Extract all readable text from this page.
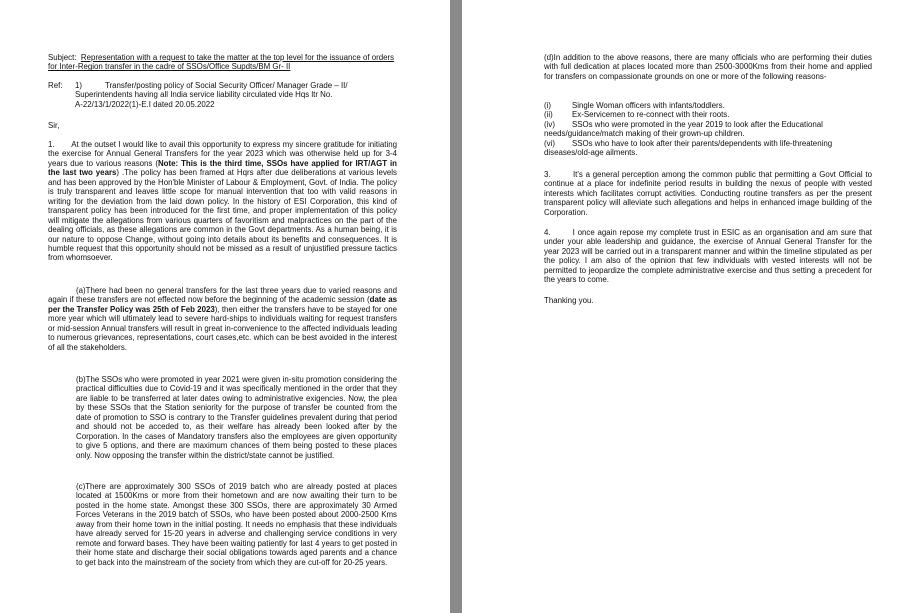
Subject: Representation with a request to take the matter at the top level for the issuance of orders for Inter-Region transfer in the cadre of SSOs/Office Supdts/BM Gr- II
Ref:	1)	Transfer/posting policy of Social Security Officer/ Manager Grade – II/
Superintendents having all India service liability circulated vide Hqs ltr No.
A-22/13/1/2022(1)-E.I dated 20.05.2022
Sir,
1. At the outset I would like to avail this opportunity to express my sincere gratitude for initiating the exercise for Annual General Transfers for the year 2023 which was otherwise held up for 3-4 years due to various reasons (Note: This is the third time, SSOs have applied for IRT/AGT in the last two years) .The policy has been framed at Hqrs after due deliberations at various levels and has been approved by the Hon'ble Minister of Labour & Employment, Govt. of India. The policy is truly transparent and leaves little scope for manual intervention that too with valid reasons in writing for the deviation from the laid down policy. In the history of ESI Corporation, this kind of transparent policy has been introduced for the first time, and proper implementation of this policy will mitigate the allegations from various quarters of favoritism and malpractices on the part of the dealing officials, as these allegations are common in the Govt departments. As a human being, it is our nature to oppose Change, without going into details about its benefits and consequences. It is humble request that this opportunity should not be missed as a result of unjustified pressure tactics from whomsoever.
(a)There had been no general transfers for the last three years due to varied reasons and again if these transfers are not effected now before the beginning of the academic session (date as per the Transfer Policy was 25th of Feb 2023), then either the transfers have to be stayed for one more year which will ultimately lead to severe hard-ships to individuals waiting for request transfers or mid-session Annual transfers will result in great in-convenience to the affected individuals leading to numerous grievances, representations, court cases,etc. which can be best avoided in the interest of all the stakeholders.
(b)The SSOs who were promoted in year 2021 were given in-situ promotion considering the practical difficulties due to Covid-19 and it was specifically mentioned in the order that they are liable to be transferred at later dates owing to administrative exigencies. Now, the plea by these SSOs that the Station seniority for the purpose of transfer be counted from the date of promotion to SSO is contrary to the Transfer guidelines prevalent during that period and should not be acceded to, as their welfare has already been looked after by the Corporation. In the cases of Mandatory transfers also the employees are given opportunity to give 5 options, and there are maximum chances of them being posted to these places only. Now opposing the transfer within the district/state cannot be justified.
(c)There are approximately 300 SSOs of 2019 batch who are already posted at places located at 1500Kms or more from their hometown and are now awaiting their turn to be posted in the home state. Amongst these 300 SSOs, there are approximately 30 Armed Forces Veterans in the 2019 batch of SSOs, who have been posted about 2000-2500 Kms away from their home town in the initial posting. It needs no emphasis that these individuals have already served for 15-20 years in adverse and challenging service conditions in very remote and forward bases. They have been waiting patiently for last 4 years to get posted in their home state and discharge their social obligations towards aged parents and a chance to get back into the mainstream of the society from which they are cut-off for 20-25 years.
(d)In addition to the above reasons, there are many officials who are performing their duties with full dedication at places located more than 2500-3000Kms from their home and applied for transfers on compassionate grounds on one or more of the following reasons-
(i)	Single Woman officers with infants/toddlers.
(ii)	Ex-Servicemen to re-connect with their roots.
(iv) SSOs who were promoted in the year 2019 to look after the Educational needs/guidance/match making of their grown-up children.
(vi) SSOs who have to look after their parents/dependents with life-threatening diseases/old-age ailments.
3.	It's a general perception among the common public that permitting a Govt Official to continue at a place for indefinite period results in building the nexus of people with vested interests which facilitates corrupt activities. Conducting routine transfers as per the present transparent policy will alleviate such allegations and helps in enhanced image building of the Corporation.
4.	I once again repose my complete trust in ESIC as an organisation and am sure that under your able leadership and guidance, the exercise of Annual General Transfer for the year 2023 will be carried out in a transparent manner and within the timeline stipulated as per the policy. I am also of the opinion that few individuals with vested interests will not be permitted to jeopardize the complete administrative exercise and thus setting a precedent for the years to come.
Thanking you.
